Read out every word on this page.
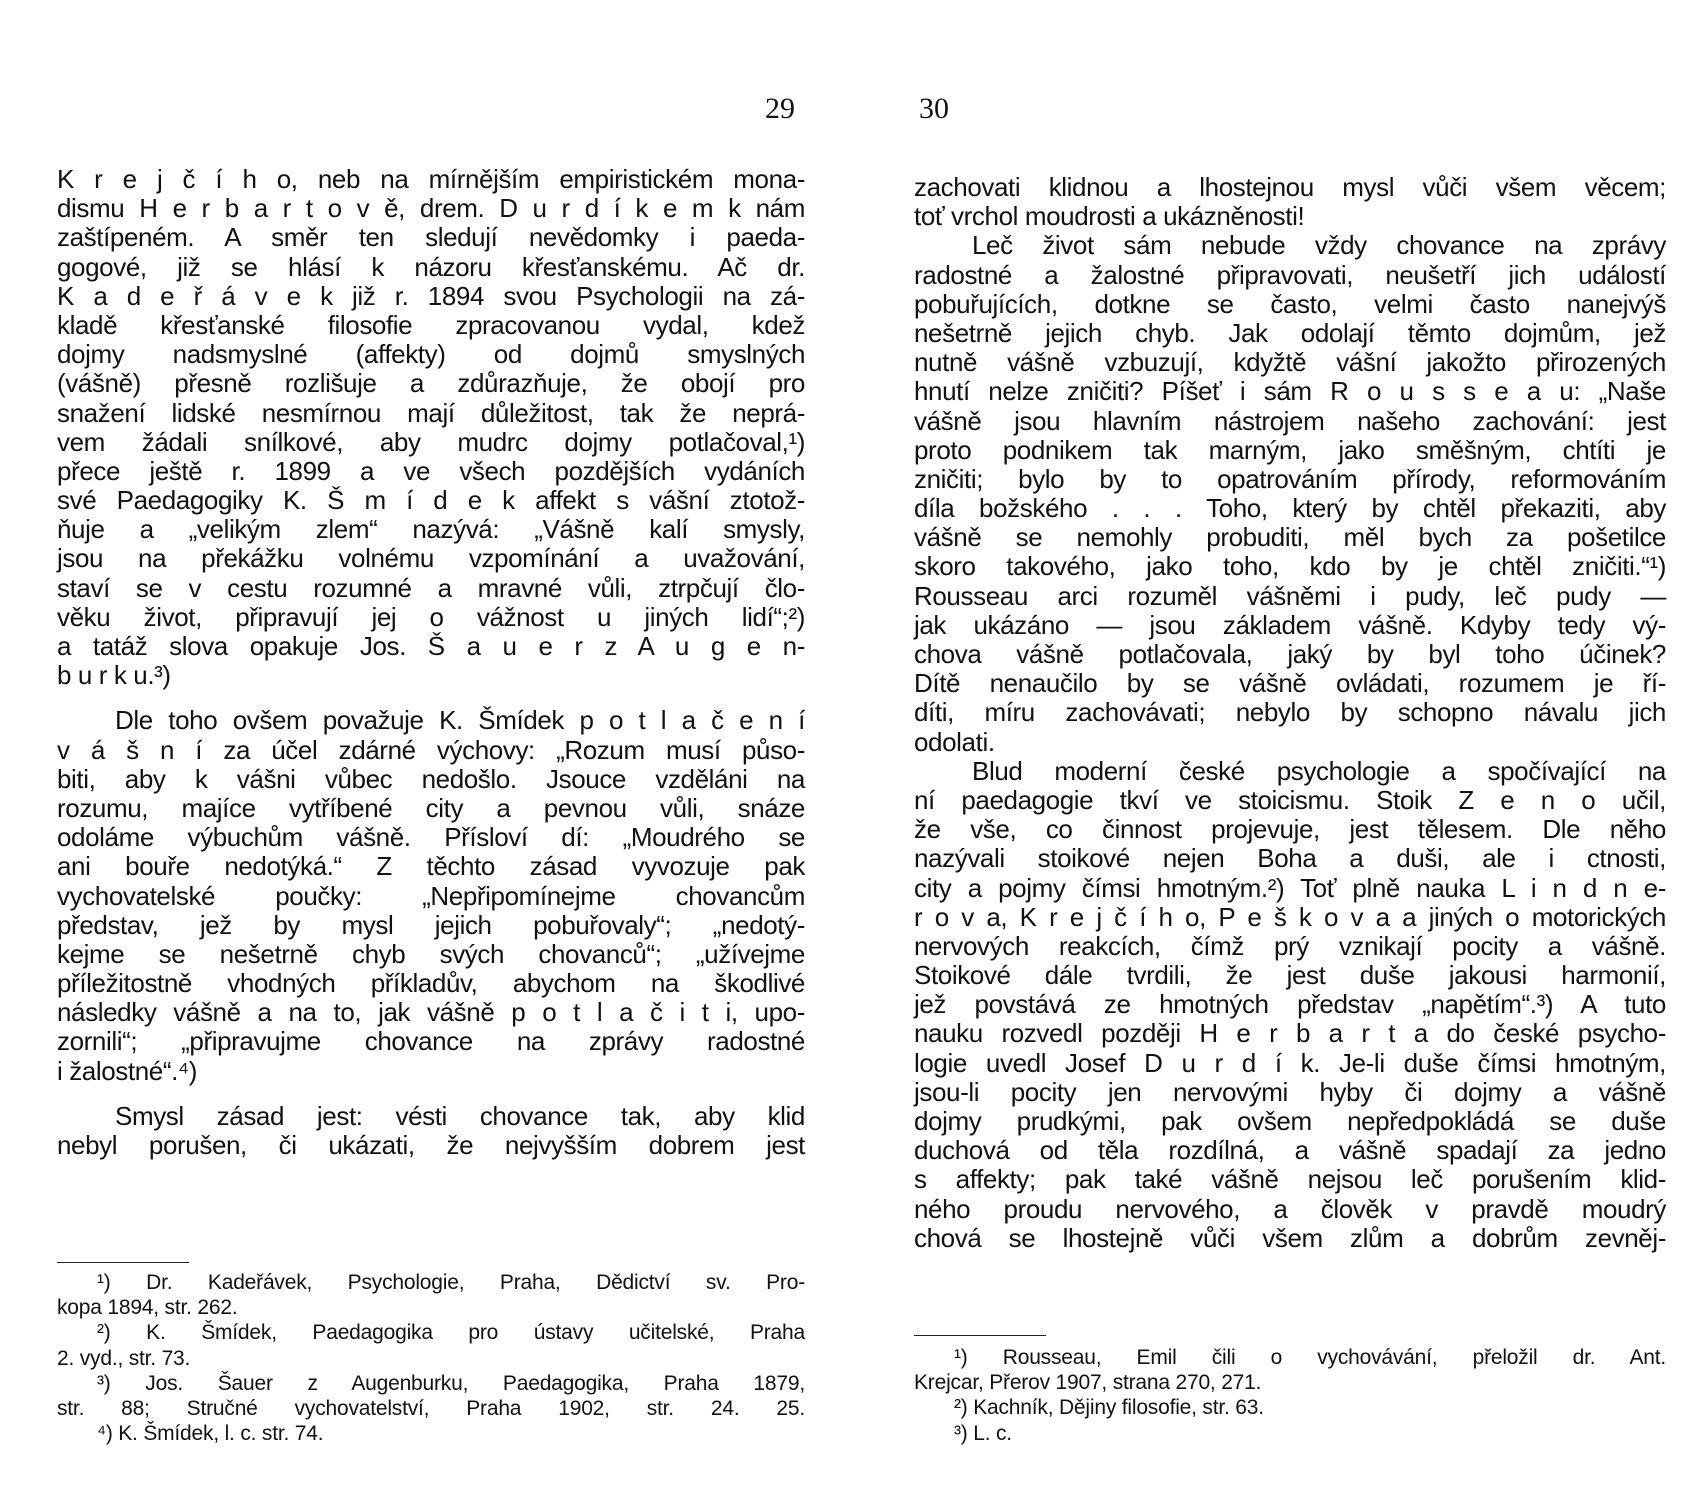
29
K r e j č í h o, neb na mírnějším empiristickém mona-
dismu H e r b a r t o v ě, drem. D u r d í k e m k nám
zaštípeném. A směr ten sledují nevědomky i paeda-
gogové, již se hlásí k názoru křesťanskému. Ač dr.
K a d e ř á v e k již r. 1894 svou Psychologii na zá-
kladě křesťanské filosofie zpracovanou vydal, kdež
dojmy nadsmyslné (affekty) od dojmů smyslných
(vášně) přesně rozlišuje a zdůrazňuje, že obojí pro
snažení lidské nesmírnou mají důležitost, tak že neprá-
vem žádali snílkové, aby mudrc dojmy potlačoval,¹)
přece ještě r. 1899 a ve všech pozdějších vydáních
své Paedagogiky K. Š m í d e k affekt s vášní ztotož-
ňuje a „velikým zlem“ nazývá: „Vášně kalí smysly,
jsou na překážku volnému vzpomínání a uvažování,
staví se v cestu rozumné a mravné vůli, ztrpčují člo-
věku život, připravují jej o vážnost u jiných lidí“;²)
a tatáž slova opakuje Jos. Š a u e r z A u g e n-
b u r k u.³)
Dle toho ovšem považuje K. Šmídek p o t l a č e n í
v á š n í za účel zdárné výchovy: „Rozum musí půso-
biti, aby k vášni vůbec nedošlo. Jsouce vzděláni na
rozumu, majíce vytříbené city a pevnou vůli, snáze
odoláme výbuchům vášně. Přísloví dí: „Moudrého se
ani bouře nedotýká.“ Z těchto zásad vyvozuje pak
vychovatelské poučky: „Nepřipomínejme chovancům
představ, jež by mysl jejich pobuřovaly“; „nedotý-
kejme se nešetrně chyb svých chovanců“; „užívejme
příležitostně vhodných příkladův, abychom na škodlivé
následky vášně a na to, jak vášně p o t l a č i t i, upo-
zornili“; „připravujme chovance na zprávy radostné
i žalostné“.⁴)
Smysl zásad jest: vésti chovance tak, aby klid
nebyl porušen, či ukázati, že nejvyšším dobrem jest
¹) Dr. Kadeřávek, Psychologie, Praha, Dědictví sv. Pro-
kopa 1894, str. 262.
²) K. Šmídek, Paedagogika pro ústavy učitelské, Praha
2. vyd., str. 73.
³) Jos. Šauer z Augenburku, Paedagogika, Praha 1879,
str. 88; Stručné vychovatelství, Praha 1902, str. 24. 25.
⁴) K. Šmídek, l. c. str. 74.
30
zachovati klidnou a lhostejnou mysl vůči všem věcem;
toť vrchol moudrosti a ukázněnosti!
Leč život sám nebude vždy chovance na zprávy
radostné a žalostné připravovati, neušetří jich událostí
pobuřujících, dotkne se často, velmi často nanejvýš
nešetrně jejich chyb. Jak odolají těmto dojmům, jež
nutně vášně vzbuzují, kdyžtě vášní jakožto přirozených
hnutí nelze zničiti? Píšeť i sám R o u s s e a u: „Naše
vášně jsou hlavním nástrojem našeho zachování: jest
proto podnikem tak marným, jako směšným, chtíti je
zničiti; bylo by to opatrováním přírody, reformováním
díla božského . . . Toho, který by chtěl překaziti, aby
vášně se nemohly probuditi, měl bych za pošetilce
skoro takového, jako toho, kdo by je chtěl zničiti.“¹)
Rousseau arci rozuměl vášněmi i pudy, leč pudy —
jak ukázáno — jsou základem vášně. Kdyby tedy vý-
chova vášně potlačovala, jaký by byl toho účinek?
Dítě nenaučilo by se vášně ovládati, rozumem je ří-
díti, míru zachovávati; nebylo by schopno návalu jich
odolati.
Blud moderní české psychologie a spočívající na
ní paedagogie tkví ve stoicismu. Stoik Z e n o učil,
že vše, co činnost projevuje, jest tělesem. Dle něho
nazývali stoikové nejen Boha a duši, ale i ctnosti,
city a pojmy čímsi hmotným.²) Toť plně nauka L i n d n e-
r o v a, K r e j č í h o, P e š k o v a a jiných o motorických
nervových reakcích, čímž prý vznikají pocity a vášně.
Stoikové dále tvrdili, že jest duše jakousi harmonií,
jež povstává ze hmotných představ „napětím“.³) A tuto
nauku rozvedl později H e r b a r t a do české psycho-
logie uvedl Josef D u r d í k. Je-li duše čímsi hmotným,
jsou-li pocity jen nervovými hyby či dojmy a vášně
dojmy prudkými, pak ovšem nepředpokládá se duše
duchová od těla rozdílná, a vášně spadají za jedno
s affekty; pak také vášně nejsou leč porušením klid-
ného proudu nervového, a člověk v pravdě moudrý
chová se lhostejně vůči všem zlům a dobrům zevněj-
¹) Rousseau, Emil čili o vychovávání, přeložil dr. Ant.
Krejcar, Přerov 1907, strana 270, 271.
²) Kachník, Dějiny filosofie, str. 63.
³) L. c.
